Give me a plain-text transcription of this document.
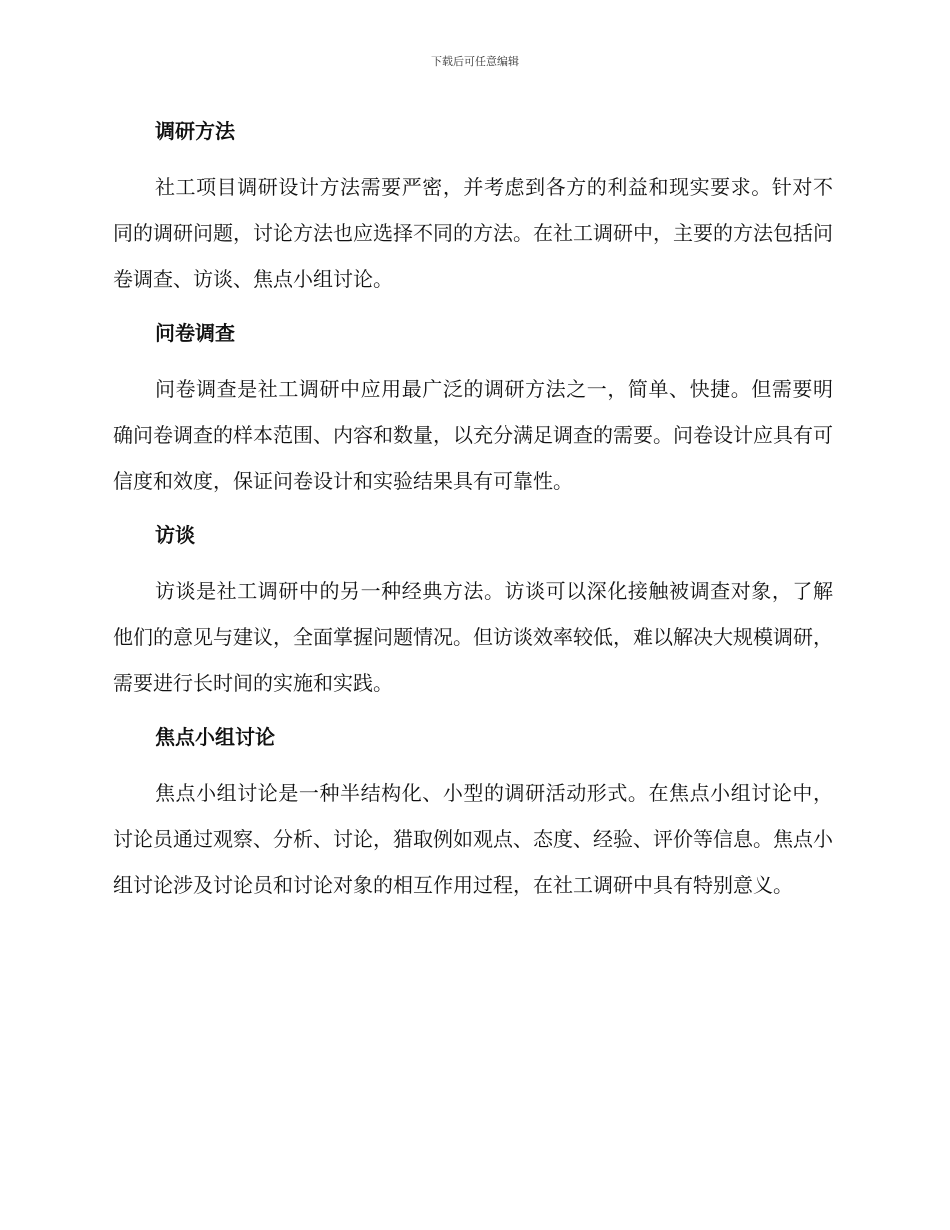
下载后可任意编辑
调研方法

社工项目调研设计方法需要严密，并考虑到各方的利益和现实要求。针对不同的调研问题，讨论方法也应选择不同的方法。在社工调研中，主要的方法包括问卷调查、访谈、焦点小组讨论。

问卷调查

问卷调查是社工调研中应用最广泛的调研方法之一，简单、快捷。但需要明确问卷调查的样本范围、内容和数量，以充分满足调查的需要。问卷设计应具有可信度和效度，保证问卷设计和实验结果具有可靠性。

访谈

访谈是社工调研中的另一种经典方法。访谈可以深化接触被调查对象，了解他们的意见与建议，全面掌握问题情况。但访谈效率较低，难以解决大规模调研，需要进行长时间的实施和实践。

焦点小组讨论

焦点小组讨论是一种半结构化、小型的调研活动形式。在焦点小组讨论中，讨论员通过观察、分析、讨论，猎取例如观点、态度、经验、评价等信息。焦点小组讨论涉及讨论员和讨论对象的相互作用过程，在社工调研中具有特别意义。
